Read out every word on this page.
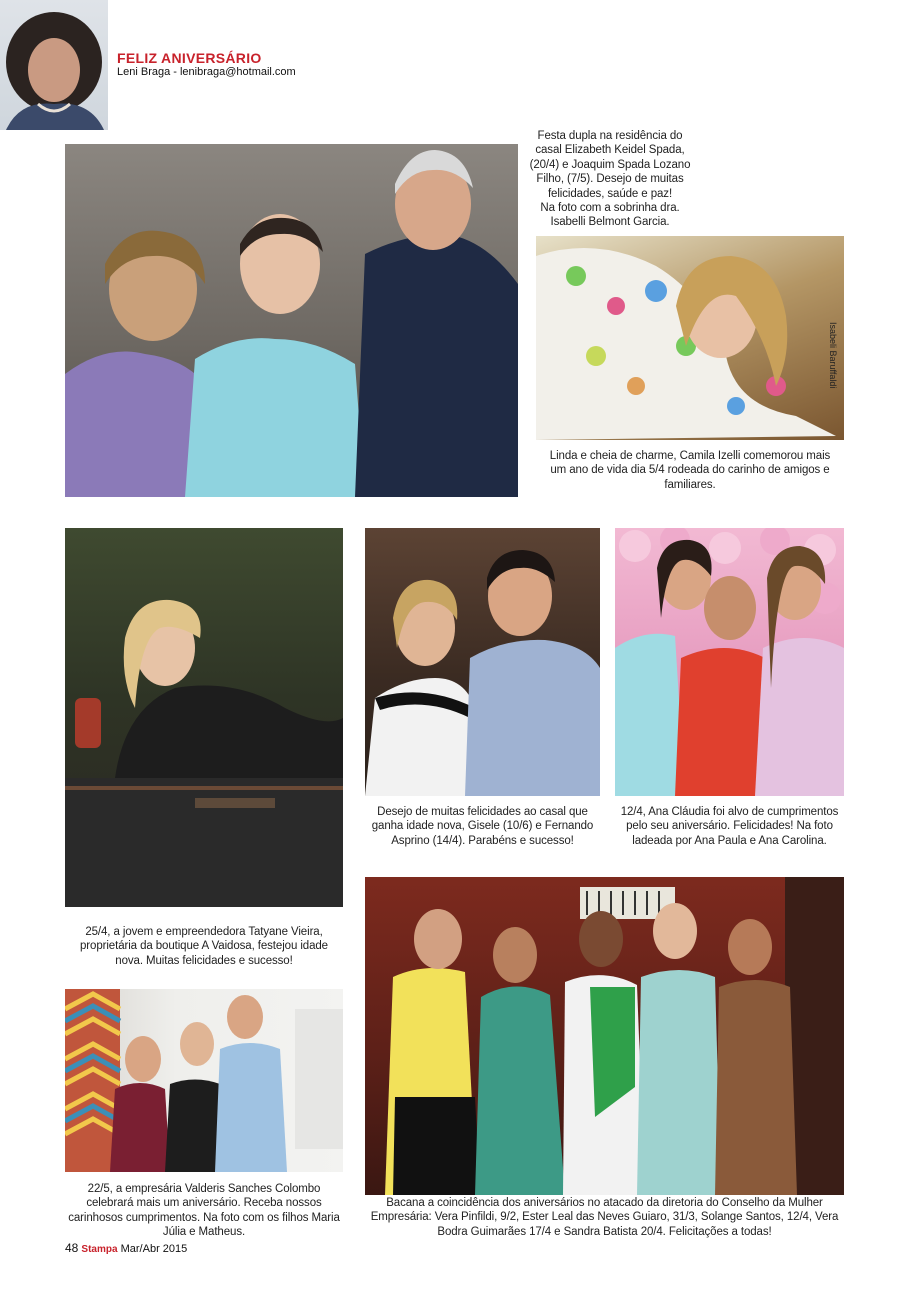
FELIZ ANIVERSÁRIO
Leni Braga - lenibraga@hotmail.com
Festa dupla na residência do
casal Elizabeth Keidel Spada,
(20/4) e Joaquim Spada Lozano
Filho, (7/5). Desejo de muitas
felicidades, saúde e paz!
Na foto com a sobrinha dra.
Isabelli Belmont Garcia.
Isabeli Baruffaldi
Linda e cheia de charme, Camila Izelli comemorou mais
um ano de vida dia 5/4 rodeada do carinho de amigos e
familiares.
25/4, a jovem e empreendedora Tatyane Vieira,
proprietária da boutique A Vaidosa, festejou idade
nova. Muitas felicidades e sucesso!
Desejo de muitas felicidades ao casal que
ganha idade nova, Gisele (10/6) e Fernando
Asprino (14/4). Parabéns e sucesso!
12/4, Ana Cláudia foi alvo de cumprimentos
pelo seu aniversário. Felicidades! Na foto
ladeada por Ana Paula e Ana Carolina.
22/5, a empresária Valderis Sanches Colombo
celebrará mais um aniversário. Receba nossos
carinhosos cumprimentos. Na foto com os filhos Maria
Júlia e Matheus.
Bacana a coincidência dos aniversários no atacado da diretoria do Conselho da Mulher
Empresária: Vera Pinfildi, 9/2, Ester Leal das Neves Guiaro, 31/3, Solange Santos, 12/4, Vera
Bodra Guimarães 17/4 e Sandra Batista 20/4. Felicitações a todas!
48 Stampa Mar/Abr 2015
